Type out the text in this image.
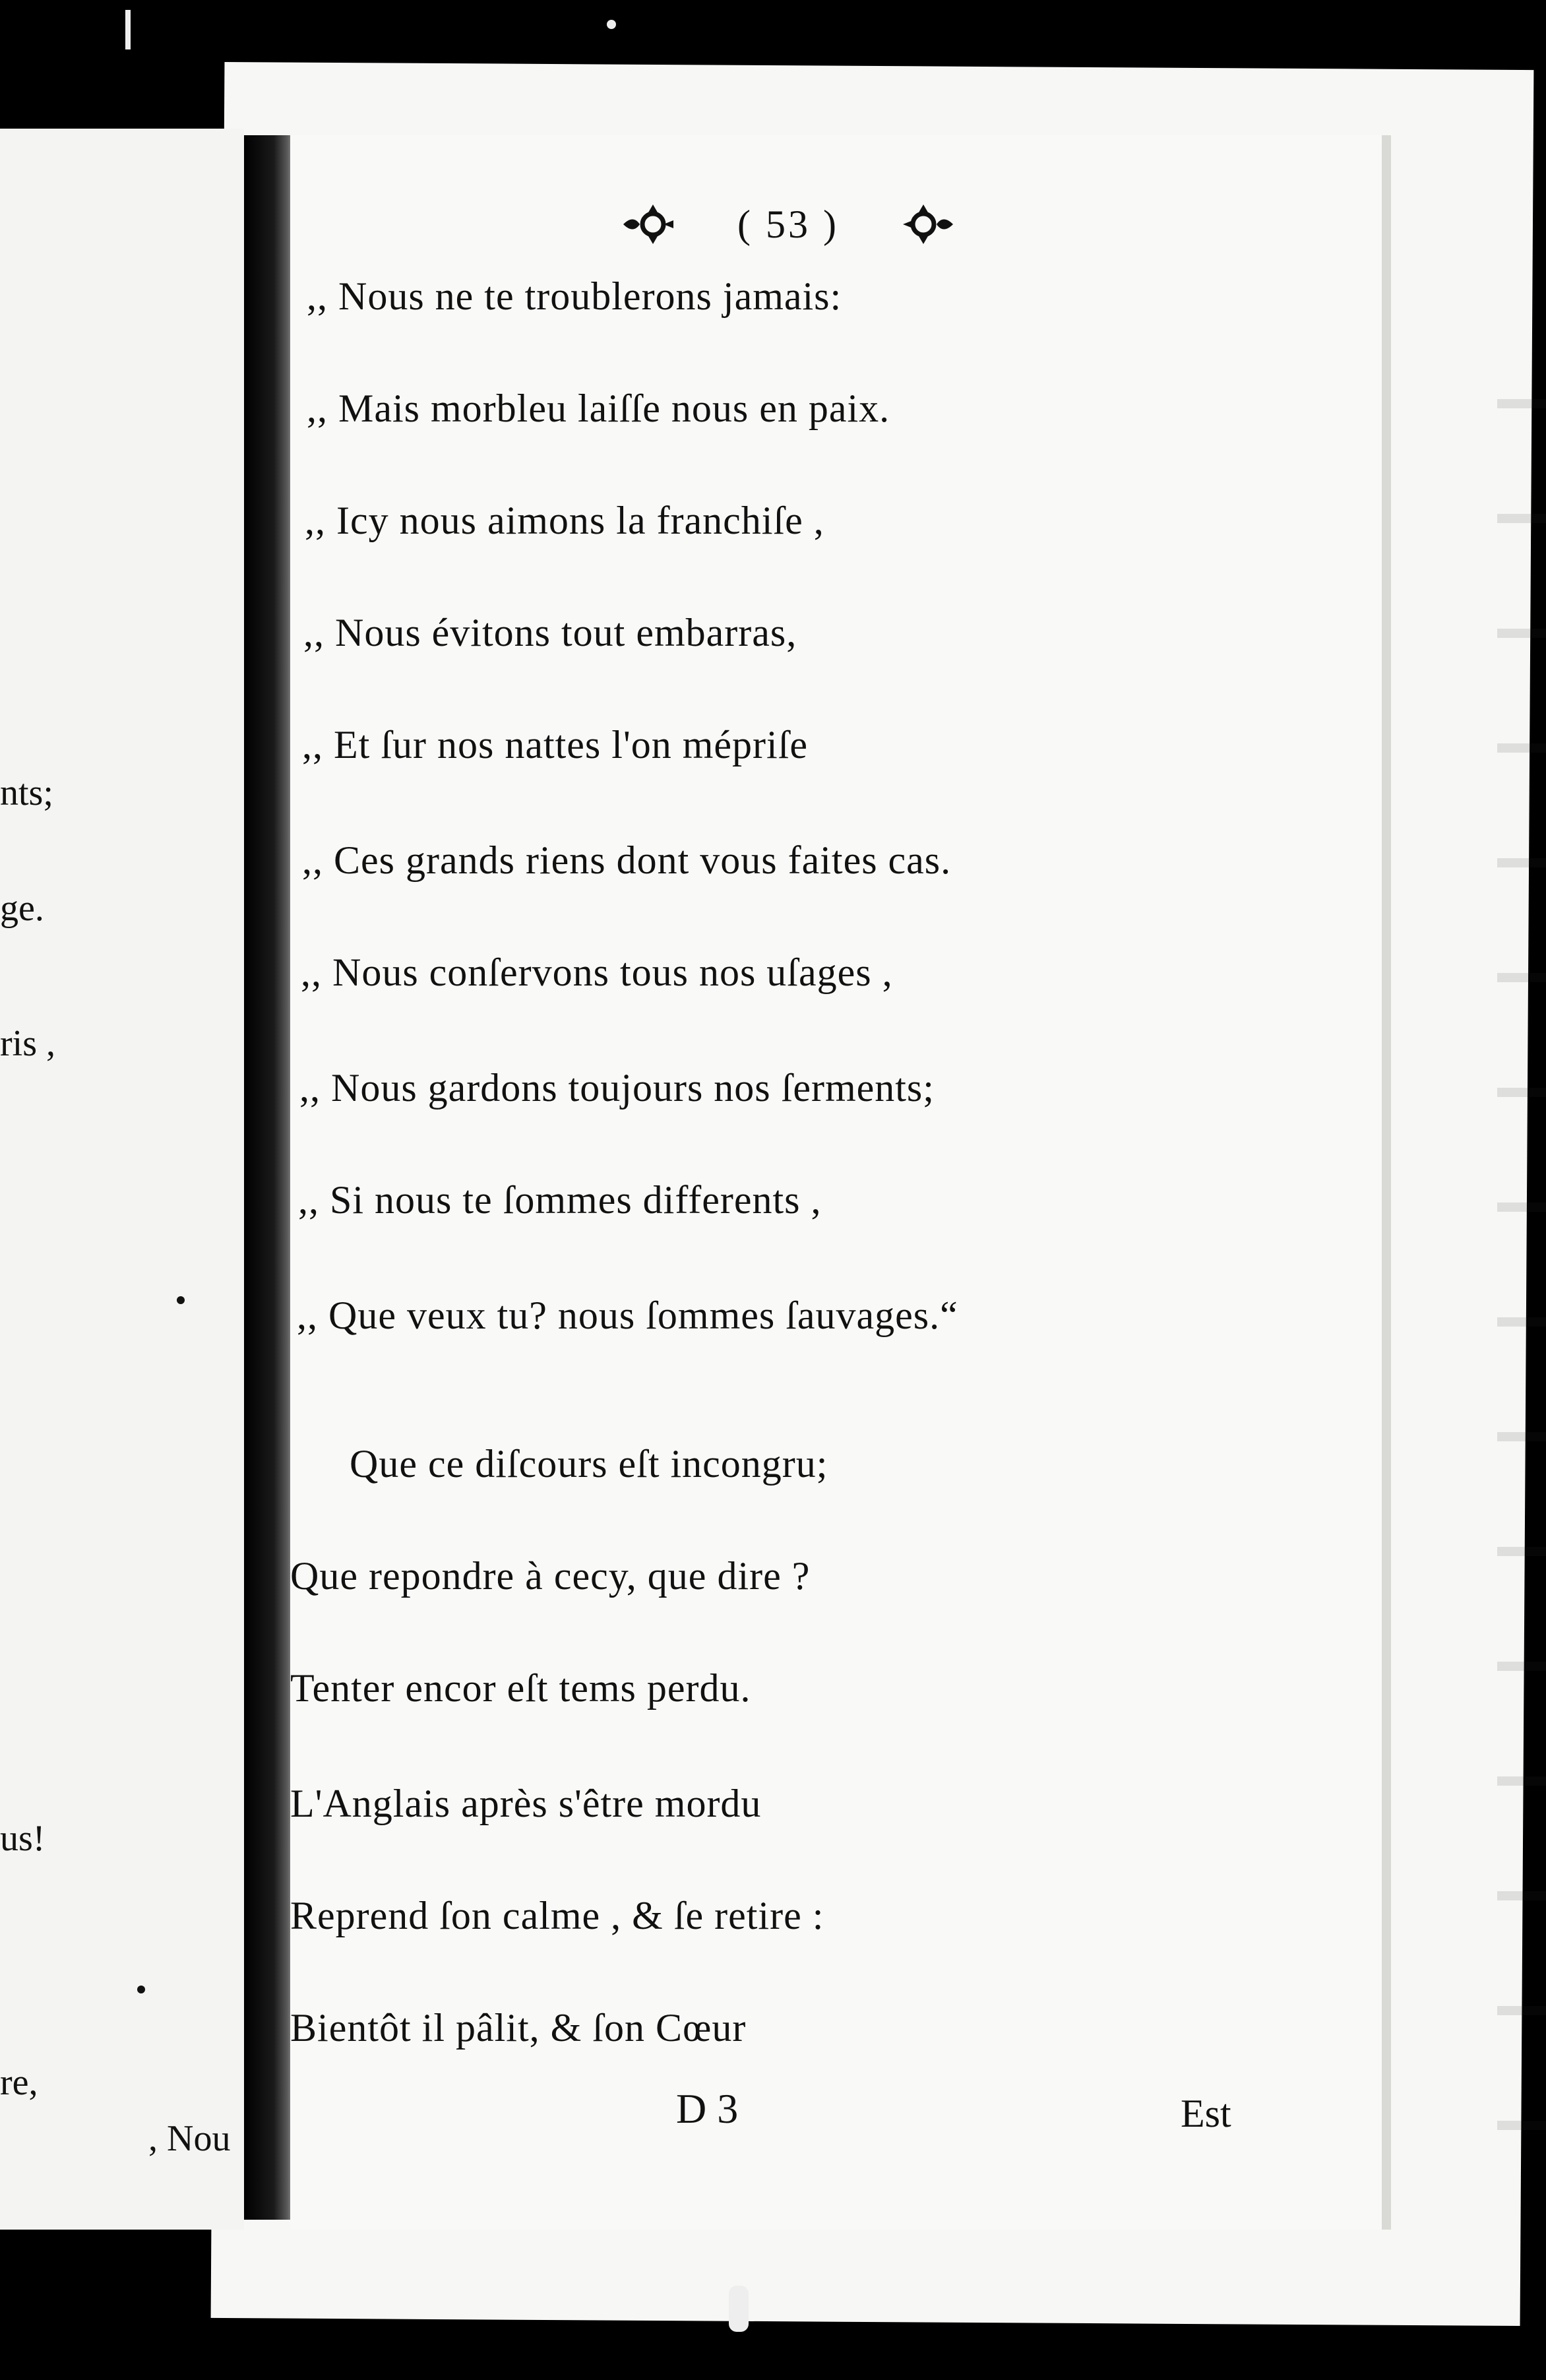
nts;
ge.
ris ,
us!
re,
, Nou
( 53 )
,, Nous ne te troublerons jamais:
,, Mais morbleu laiſſe nous en paix.
,, Icy nous aimons la franchiſe ,
,, Nous évitons tout embarras,
,, Et ſur nos nattes l'on mépriſe
,, Ces grands riens dont vous faites cas.
,, Nous conſervons tous nos uſages ,
,, Nous gardons toujours nos ſerments;
,, Si nous te ſommes differents ,
,, Que veux tu? nous ſommes ſauvages.“
Que ce diſcours eſt incongru;
Que repondre à cecy, que dire ?
Tenter encor eſt tems perdu.
L'Anglais après s'être mordu
Reprend ſon calme , & ſe retire :
Bientôt il pâlit, & ſon Cœur
D 3	Est
